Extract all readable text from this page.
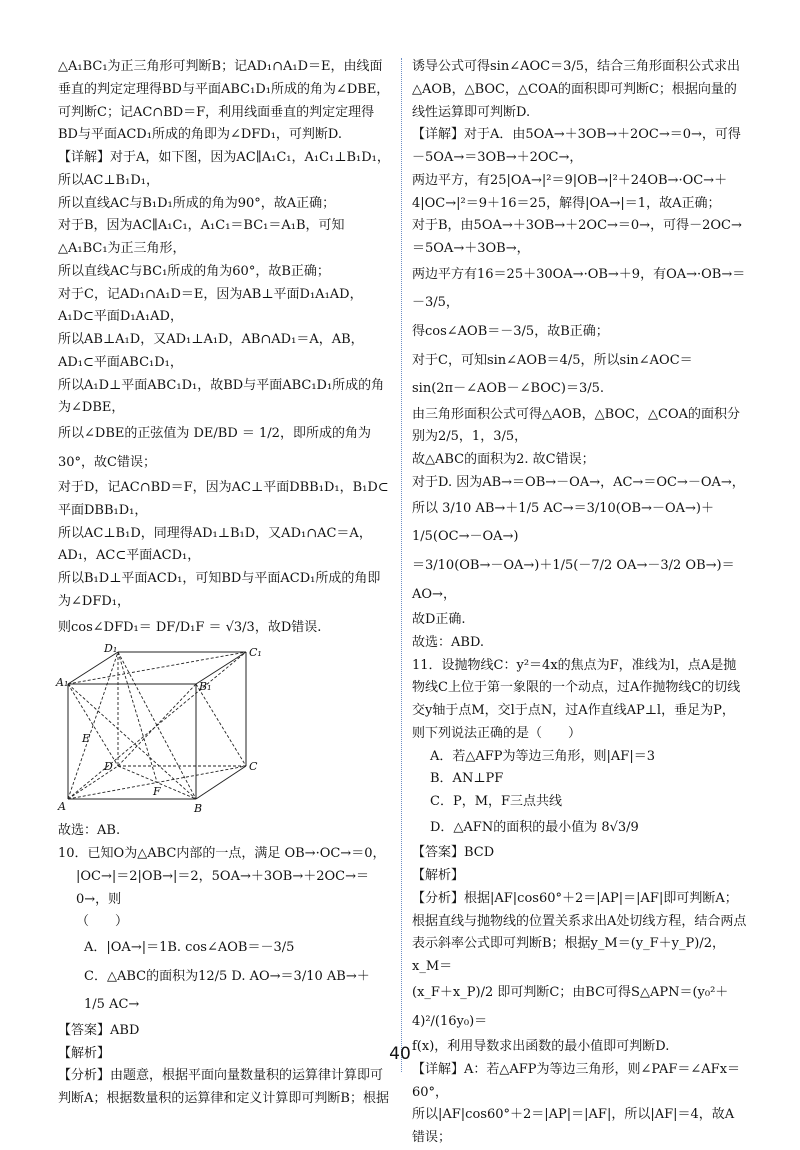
△A₁BC₁为正三角形可判断B；记AD₁∩A₁D＝E，由线面垂直的判定定理得BD与平面ABC₁D₁所成的角为∠DBE，可判断C；记AC∩BD＝F，利用线面垂直的判定定理得BD与平面ACD₁所成的角即为∠DFD₁，可判断D.
【详解】对于A，如下图，因为AC∥A₁C₁，A₁C₁⊥B₁D₁，所以AC⊥B₁D₁，
所以直线AC与B₁D₁所成的角为90°，故A正确；
对于B，因为AC∥A₁C₁，A₁C₁＝BC₁＝A₁B，可知△A₁BC₁为正三角形，
所以直线AC与BC₁所成的角为60°，故B正确；
对于C，记AD₁∩A₁D＝E，因为AB⊥平面D₁A₁AD，A₁D⊂平面D₁A₁AD，
所以AB⊥A₁D，又AD₁⊥A₁D，AB∩AD₁＝A，AB，AD₁⊂平面ABC₁D₁，
所以A₁D⊥平面ABC₁D₁，故BD与平面ABC₁D₁所成的角为∠DBE，
所以∠DBE的正弦值为 DE/BD ＝ 1/2，即所成的角为30°，故C错误；
对于D，记AC∩BD＝F，因为AC⊥平面DBB₁D₁，B₁D⊂平面DBB₁D₁，
所以AC⊥B₁D，同理得AD₁⊥B₁D，又AD₁∩AC＝A，AD₁，AC⊂平面ACD₁，
所以B₁D⊥平面ACD₁，可知BD与平面ACD₁所成的角即为∠DFD₁，
则cos∠DFD₁＝ DF/D₁F ＝ √3/3，故D错误.
D₁	C₁
A₁	B₁
E
D	C
F
A	B
故选：AB.
10．已知O为△ABC内部的一点，满足 OB→·OC→＝0，
|OC→|＝2|OB→|＝2，5OA→＋3OB→＋2OC→＝0→，则
（　　）
A．|OA→|＝1B. cos∠AOB＝－3/5
C．△ABC的面积为12/5 D. AO→＝3/10 AB→＋1/5 AC→
【答案】ABD
【解析】
【分析】由题意，根据平面向量数量积的运算律计算即可判断A；根据数量积的运算律和定义计算即可判断B；根据
诱导公式可得sin∠AOC＝3/5，结合三角形面积公式求出△AOB，△BOC，△COA的面积即可判断C；根据向量的线性运算即可判断D.
【详解】对于A．由5OA→＋3OB→＋2OC→＝0→，可得－5OA→＝3OB→＋2OC→，
两边平方，有25|OA→|²＝9|OB→|²＋24OB→·OC→＋4|OC→|²＝9＋16＝25，解得|OA→|＝1，故A正确；
对于B，由5OA→＋3OB→＋2OC→＝0→，可得－2OC→＝5OA→＋3OB→，
两边平方有16＝25＋30OA→·OB→＋9，有OA→·OB→＝－3/5，
得cos∠AOB＝－3/5，故B正确；
对于C，可知sin∠AOB＝4/5，所以sin∠AOC＝
sin(2π－∠AOB－∠BOC)＝3/5.
由三角形面积公式可得△AOB，△BOC，△COA的面积分别为2/5，1，3/5，
故△ABC的面积为2. 故C错误；
对于D. 因为AB→＝OB→－OA→，AC→＝OC→－OA→，
所以 3/10 AB→＋1/5 AC→＝3/10(OB→－OA→)＋1/5(OC→－OA→)
＝3/10(OB→－OA→)＋1/5(－7/2 OA→－3/2 OB→)＝AO→，
故D正确.
故选：ABD.
11．设抛物线C：y²＝4x的焦点为F，准线为l，点A是抛物线C上位于第一象限的一个动点，过A作抛物线C的切线交y轴于点M，交l于点N，过A作直线AP⊥l，垂足为P，则下列说法正确的是（　　）
A．若△AFP为等边三角形，则|AF|＝3
B．AN⊥PF
C．P，M，F三点共线
D．△AFN的面积的最小值为 8√3/9
【答案】BCD
【解析】
【分析】根据|AF|cos60°＋2＝|AP|＝|AF|即可判断A；根据直线与抛物线的位置关系求出A处切线方程，结合两点表示斜率公式即可判断B；根据y_M＝(y_F＋y_P)/2，x_M＝
(x_F＋x_P)/2 即可判断C；由BC可得S△APN＝(y₀²＋4)²/(16y₀)＝
f(x)，利用导数求出函数的最小值即可判断D.
【详解】A：若△AFP为等边三角形，则∠PAF＝∠AFx＝60°，
所以|AF|cos60°＋2＝|AP|＝|AF|，所以|AF|＝4，故A错误；
40
